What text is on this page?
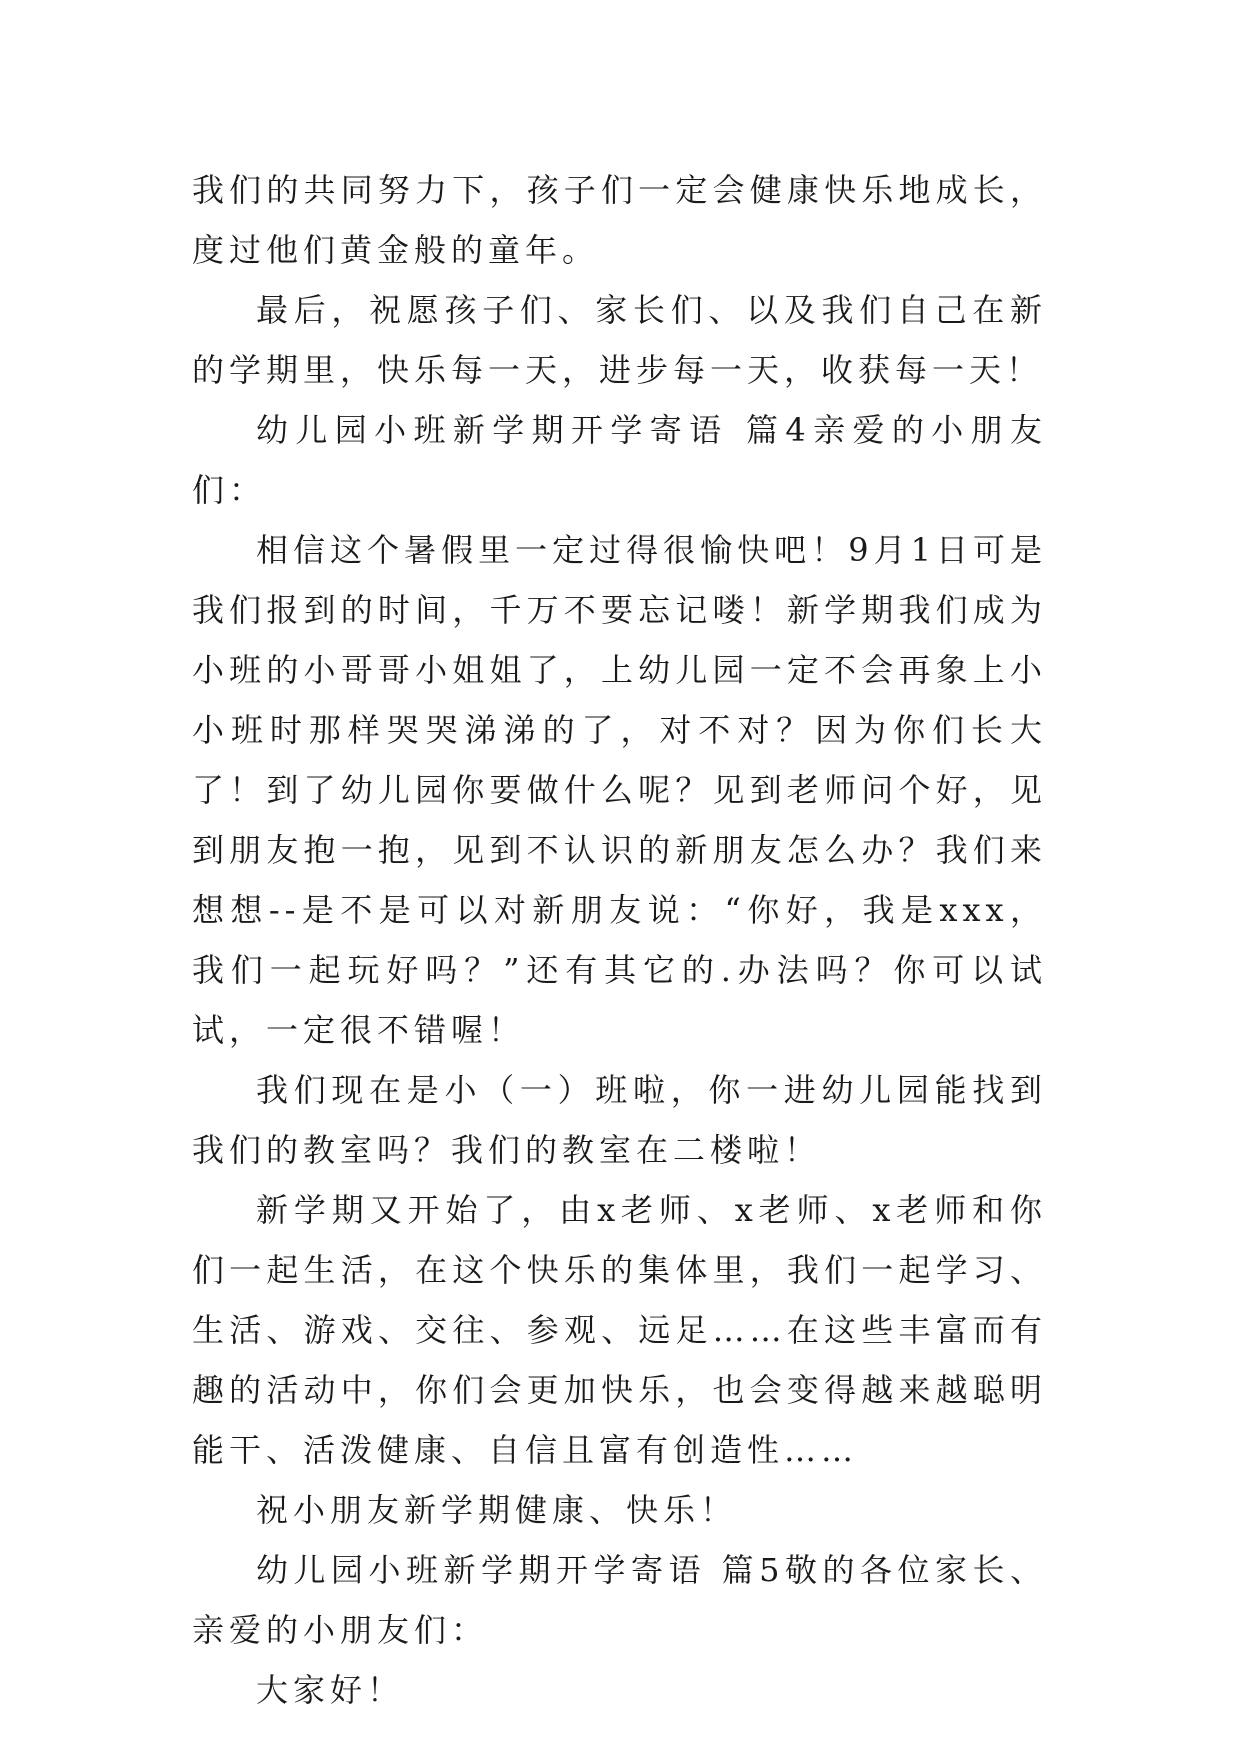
我们的共同努力下，孩子们一定会健康快乐地成长，度过他们黄金般的童年。

最后，祝愿孩子们、家长们、以及我们自己在新的学期里，快乐每一天，进步每一天，收获每一天！

幼儿园小班新学期开学寄语 篇4亲爱的小朋友们：

相信这个暑假里一定过得很愉快吧！9月1日可是我们报到的时间，千万不要忘记喽！新学期我们成为小班的小哥哥小姐姐了，上幼儿园一定不会再象上小小班时那样哭哭涕涕的了，对不对？因为你们长大了！到了幼儿园你要做什么呢？见到老师问个好，见到朋友抱一抱，见到不认识的新朋友怎么办？我们来想想--是不是可以对新朋友说：“你好，我是xxx，我们一起玩好吗？”还有其它的.办法吗？你可以试试，一定很不错喔！

我们现在是小（一）班啦，你一进幼儿园能找到我们的教室吗？我们的教室在二楼啦！

新学期又开始了，由x老师、x老师、x老师和你们一起生活，在这个快乐的集体里，我们一起学习、生活、游戏、交往、参观、远足……在这些丰富而有趣的活动中，你们会更加快乐，也会变得越来越聪明能干、活泼健康、自信且富有创造性……

祝小朋友新学期健康、快乐！

幼儿园小班新学期开学寄语 篇5敬的各位家长、亲爱的小朋友们：

大家好！
